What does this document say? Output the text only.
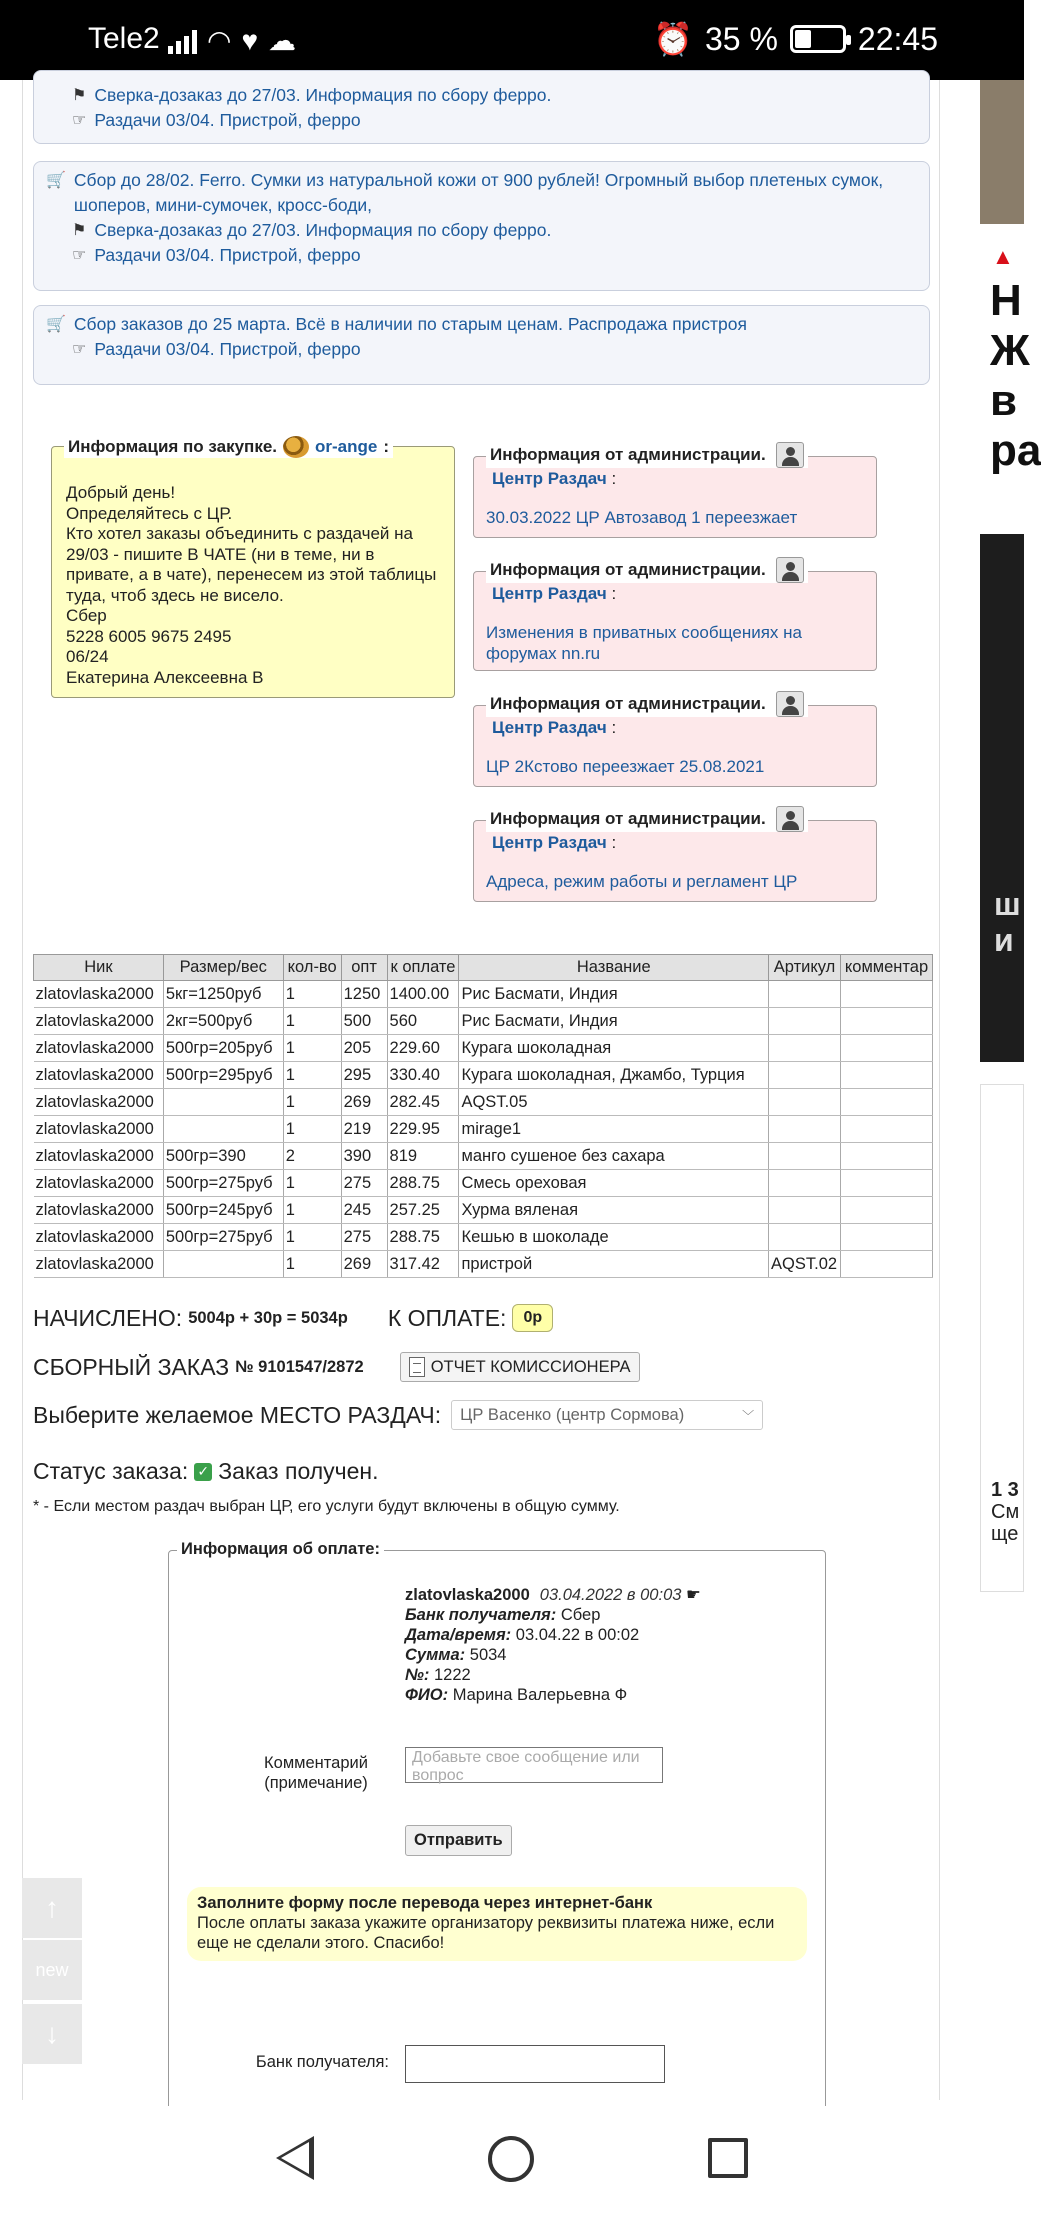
Tele2 ◠ ♥ ☁	⏰ 35 %	22:45
⚑ Сверка-дозаказ до 27/03. Информация по сбору ферро.
☞ Раздачи 03/04. Пристрой, ферро
🛒 Сбор до 28/02. Ferro. Сумки из натуральной кожи от 900 рублей! Огромный выбор плетеных сумок, шоперов, мини-сумочек, кросс-боди,
⚑ Сверка-дозаказ до 27/03. Информация по сбору ферро.
☞ Раздачи 03/04. Пристрой, ферро
🛒 Сбор заказов до 25 марта. Всё в наличии по старым ценам. Распродажа пристроя
☞ Раздачи 03/04. Пристрой, ферро
Информация по закупке. or-ange :
Добрый день!
Определяйтесь с ЦР.
Кто хотел заказы объединить с раздачей на 29/03 - пишите В ЧАТЕ (ни в теме, ни в привате, а в чате), перенесем из этой таблицы туда, чтоб здесь не висело.
Сбер
5228 6005 9675 2495
06/24
Екатерина Алексеевна В
Информация от администрации.
Центр Раздач :
30.03.2022 ЦР Автозавод 1 переезжает
Информация от администрации.
Центр Раздач :
Изменения в приватных сообщениях на форумах nn.ru
Информация от администрации.
Центр Раздач :
ЦР 2Кстово переезжает 25.08.2021
Информация от администрации.
Центр Раздач :
Адреса, режим работы и регламент ЦР
Ник	Размер/вес	кол-во	опт	к оплате	Название	Артикул	комментар
zlatovlaska2000	5кг=1250руб	1	1250	1400.00	Рис Басмати, Индия		
zlatovlaska2000	2кг=500руб	1	500	560	Рис Басмати, Индия		
zlatovlaska2000	500гр=205руб	1	205	229.60	Курага шоколадная		
zlatovlaska2000	500гр=295руб	1	295	330.40	Курага шоколадная, Джамбо, Турция		
zlatovlaska2000		1	269	282.45	AQST.05		
zlatovlaska2000		1	219	229.95	mirage1		
zlatovlaska2000	500гр=390	2	390	819	манго сушеное без сахара		
zlatovlaska2000	500гр=275руб	1	275	288.75	Смесь ореховая		
zlatovlaska2000	500гр=245руб	1	245	257.25	Хурма вяленая		
zlatovlaska2000	500гр=275руб	1	275	288.75	Кешью в шоколаде		
zlatovlaska2000		1	269	317.42	пристрой	AQST.02	
НАЧИСЛЕНО: 5004р + 30р = 5034р К ОПЛАТЕ:	0р
СБОРНЫЙ ЗАКАЗ № 9101547/2872	ОТЧЕТ КОМИССИОНЕРА
Выберите желаемое МЕСТО РАЗДАЧ: ЦР Васенко (центр Сормова)	﹀
Статус заказа: ✓ Заказ получен.
* - Если местом раздач выбран ЦР, его услуги будут включены в общую сумму.
Информация об оплате:
zlatovlaska2000 03.04.2022 в 00:03 ☛
Банк получателя: Сбер
Дата/время: 03.04.22 в 00:02
Сумма: 5034
№: 1222
ФИО: Марина Валерьевна Ф
Комментарий (примечание)
Добавьте свое сообщение или вопрос
Отправить
Заполните форму после перевода через интернет-банк
После оплаты заказа укажите организатору реквизиты платежа ниже, если еще не сделали этого. Спасибо!
Банк получателя:
↑
new
↓
▲
Н
Ж
в
ра
ш
и
1 3
См
ще
